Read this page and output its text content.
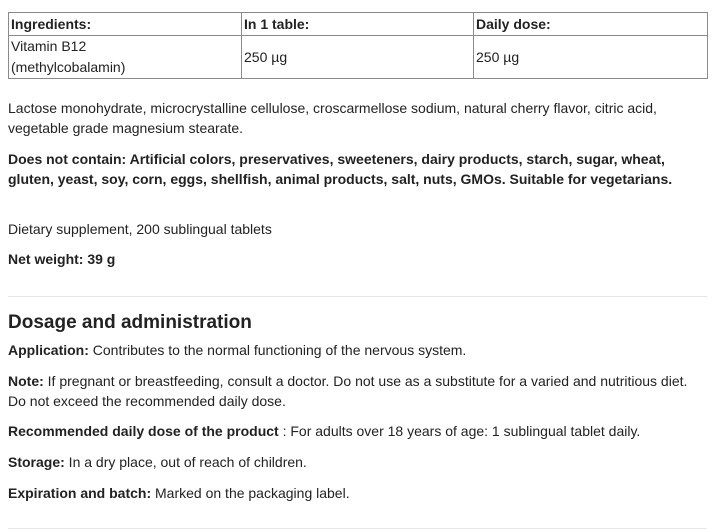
Ingredients:	In 1 table:	Daily dose:
Vitamin B12
(methylcobalamin)	250 µg	250 µg

Lactose monohydrate, microcrystalline cellulose, croscarmellose sodium, natural cherry flavor, citric acid, vegetable grade magnesium stearate.

Does not contain: Artificial colors, preservatives, sweeteners, dairy products, starch, sugar, wheat, gluten, yeast, soy, corn, eggs, shellfish, animal products, salt, nuts, GMOs. Suitable for vegetarians.

Dietary supplement, 200 sublingual tablets

Net weight: 39 g

Dosage and administration

Application: Contributes to the normal functioning of the nervous system.

Note: If pregnant or breastfeeding, consult a doctor. Do not use as a substitute for a varied and nutritious diet. Do not exceed the recommended daily dose.

Recommended daily dose of the product : For adults over 18 years of age: 1 sublingual tablet daily.

Storage: In a dry place, out of reach of children.

Expiration and batch: Marked on the packaging label.
